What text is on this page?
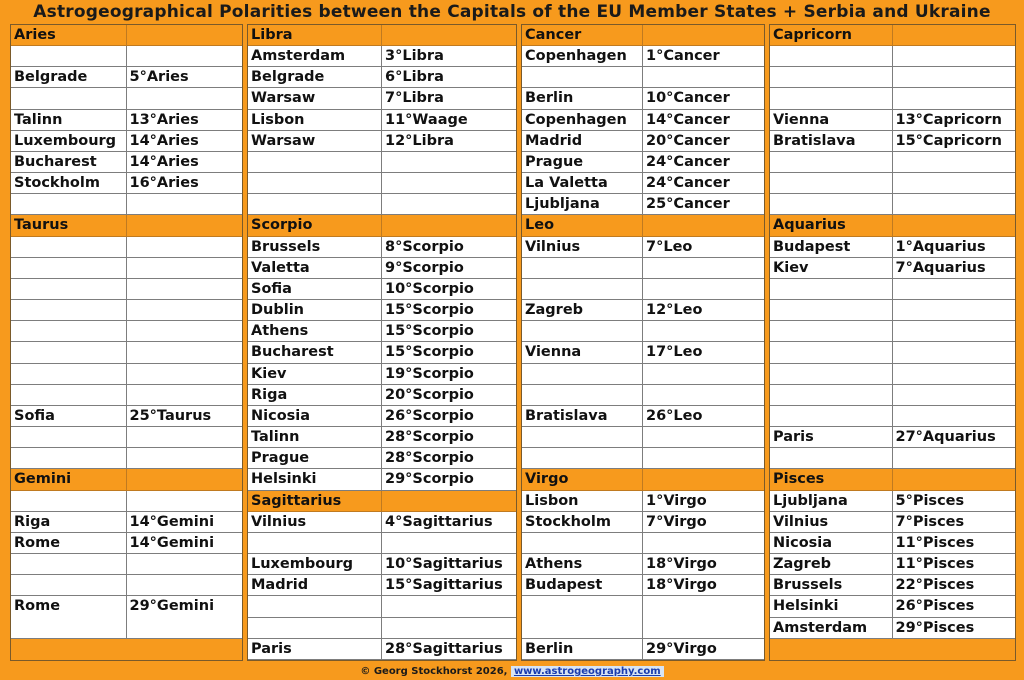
Astrogeographical Polarities between the Capitals of the EU Member States + Serbia and Ukraine
Aries
Belgrade	5°Aries
Talinn	13°Aries
Luxembourg 14°Aries
Bucharest	14°Aries
Stockholm	16°Aries
Taurus
Sofia	25°Taurus
Gemini
Riga	14°Gemini
Rome	14°Gemini
Rome	29°Gemini
Libra
Amsterdam	3°Libra
Belgrade	6°Libra
Warsaw	7°Libra
Lisbon	11°Waage
Warsaw	12°Libra
Scorpio
Brussels	8°Scorpio
Valetta	9°Scorpio
Sofia	10°Scorpio
Dublin	15°Scorpio
Athens	15°Scorpio
Bucharest	15°Scorpio
Kiev	19°Scorpio
Riga	20°Scorpio
Nicosia	26°Scorpio
Talinn	28°Scorpio
Prague	28°Scorpio
Helsinki	29°Scorpio
Sagittarius
Vilnius	4°Sagittarius
Luxembourg	10°Sagittarius
Madrid	15°Sagittarius
Paris	28°Sagittarius
Cancer
Copenhagen	1°Cancer
Berlin	10°Cancer
Copenhagen	14°Cancer
Madrid	20°Cancer
Prague	24°Cancer
La Valetta	24°Cancer
Ljubljana	25°Cancer
Leo
Vilnius	7°Leo
Zagreb	12°Leo
Vienna	17°Leo
Bratislava	26°Leo
Virgo
Lisbon	1°Virgo
Stockholm	7°Virgo
Athens	18°Virgo
Budapest	18°Virgo
Berlin	29°Virgo
Capricorn
Vienna	13°Capricorn
Bratislava	15°Capricorn
Aquarius
Budapest	1°Aquarius
Kiev	7°Aquarius
Paris	27°Aquarius
Pisces
Ljubljana	5°Pisces
Vilnius	7°Pisces
Nicosia	11°Pisces
Zagreb	11°Pisces
Brussels	22°Pisces
Helsinki	26°Pisces
Amsterdam	29°Pisces
© Georg Stockhorst 2026, www.astrogeography.com
